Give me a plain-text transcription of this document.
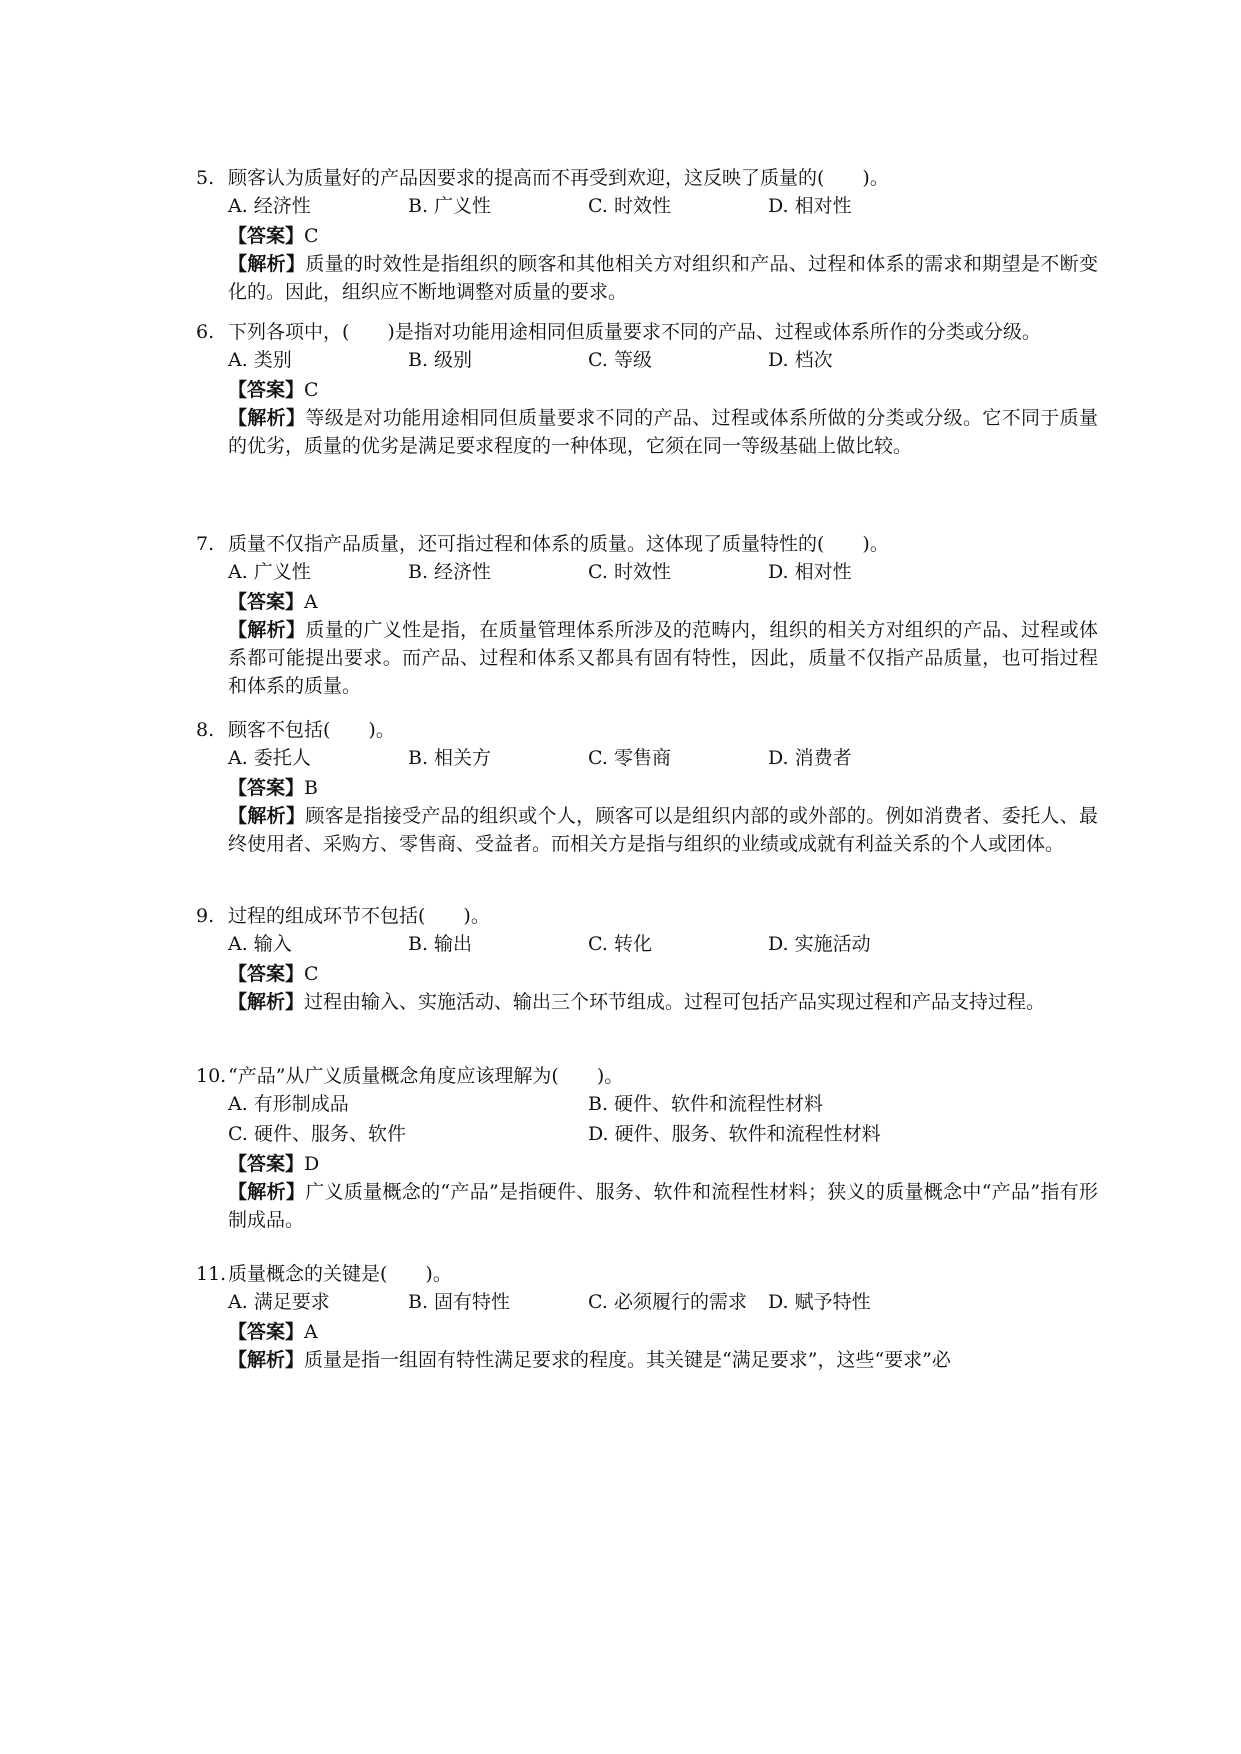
5. 顾客认为质量好的产品因要求的提高而不再受到欢迎，这反映了质量的(　　)。
A. 经济性	B. 广义性	C. 时效性	D. 相对性
【答案】C
【解析】质量的时效性是指组织的顾客和其他相关方对组织和产品、过程和体系的需求和期望是不断变化的。因此，组织应不断地调整对质量的要求。
6. 下列各项中，(　　)是指对功能用途相同但质量要求不同的产品、过程或体系所作的分类或分级。
A. 类别	B. 级别	C. 等级	D. 档次
【答案】C
【解析】等级是对功能用途相同但质量要求不同的产品、过程或体系所做的分类或分级。它不同于质量的优劣，质量的优劣是满足要求程度的一种体现，它须在同一等级基础上做比较。
7. 质量不仅指产品质量，还可指过程和体系的质量。这体现了质量特性的(　　)。
A. 广义性	B. 经济性	C. 时效性	D. 相对性
【答案】A
【解析】质量的广义性是指，在质量管理体系所涉及的范畴内，组织的相关方对组织的产品、过程或体系都可能提出要求。而产品、过程和体系又都具有固有特性，因此，质量不仅指产品质量，也可指过程和体系的质量。
8. 顾客不包括(　　)。
A. 委托人	B. 相关方	C. 零售商	D. 消费者
【答案】B
【解析】顾客是指接受产品的组织或个人，顾客可以是组织内部的或外部的。例如消费者、委托人、最终使用者、采购方、零售商、受益者。而相关方是指与组织的业绩或成就有利益关系的个人或团体。
9. 过程的组成环节不包括(　　)。
A. 输入	B. 输出	C. 转化	D. 实施活动
【答案】C
【解析】过程由输入、实施活动、输出三个环节组成。过程可包括产品实现过程和产品支持过程。
10. “产品”从广义质量概念角度应该理解为(　　)。
A. 有形制成品	B. 硬件、软件和流程性材料
C. 硬件、服务、软件	D. 硬件、服务、软件和流程性材料
【答案】D
【解析】广义质量概念的“产品”是指硬件、服务、软件和流程性材料；狭义的质量概念中“产品”指有形制成品。
11. 质量概念的关键是(　　)。
A. 满足要求	B. 固有特性	C. 必须履行的需求 D. 赋予特性
【答案】A
【解析】质量是指一组固有特性满足要求的程度。其关键是“满足要求”，这些“要求”必
